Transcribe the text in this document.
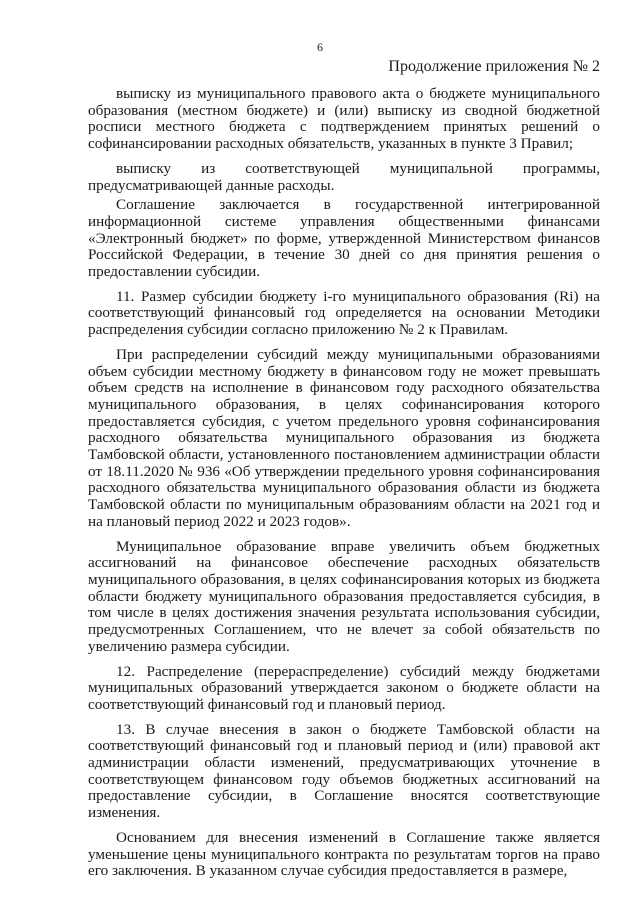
6
Продолжение приложения № 2

выписку из муниципального правового акта о бюджете муниципального образования (местном бюджете) и (или) выписку из сводной бюджетной росписи местного бюджета с подтверждением принятых решений о софинансировании расходных обязательств, указанных в пункте 3 Правил;

выписку из соответствующей муниципальной программы, предусматривающей данные расходы.

Соглашение заключается в государственной интегрированной информационной системе управления общественными финансами «Электронный бюджет» по форме, утвержденной Министерством финансов Российской Федерации, в течение 30 дней со дня принятия решения о предоставлении субсидии.

11. Размер субсидии бюджету i-го муниципального образования (Ri) на соответствующий финансовый год определяется на основании Методики распределения субсидии согласно приложению № 2 к Правилам.

При распределении субсидий между муниципальными образованиями объем субсидии местному бюджету в финансовом году не может превышать объем средств на исполнение в финансовом году расходного обязательства муниципального образования, в целях софинансирования которого предоставляется субсидия, с учетом предельного уровня софинансирования расходного обязательства муниципального образования из бюджета Тамбовской области, установленного постановлением администрации области от 18.11.2020 № 936 «Об утверждении предельного уровня софинансирования расходного обязательства муниципального образования области из бюджета Тамбовской области по муниципальным образованиям области на 2021 год и на плановый период 2022 и 2023 годов».

Муниципальное образование вправе увеличить объем бюджетных ассигнований на финансовое обеспечение расходных обязательств муниципального образования, в целях софинансирования которых из бюджета области бюджету муниципального образования предоставляется субсидия, в том числе в целях достижения значения результата использования субсидии, предусмотренных Соглашением, что не влечет за собой обязательств по увеличению размера субсидии.

12. Распределение (перераспределение) субсидий между бюджетами муниципальных образований утверждается законом о бюджете области на соответствующий финансовый год и плановый период.

13. В случае внесения в закон о бюджете Тамбовской области на соответствующий финансовый год и плановый период и (или) правовой акт администрации области изменений, предусматривающих уточнение в соответствующем финансовом году объемов бюджетных ассигнований на предоставление субсидии, в Соглашение вносятся соответствующие изменения.

Основанием для внесения изменений в Соглашение также является уменьшение цены муниципального контракта по результатам торгов на право его заключения. В указанном случае субсидия предоставляется в размере,
